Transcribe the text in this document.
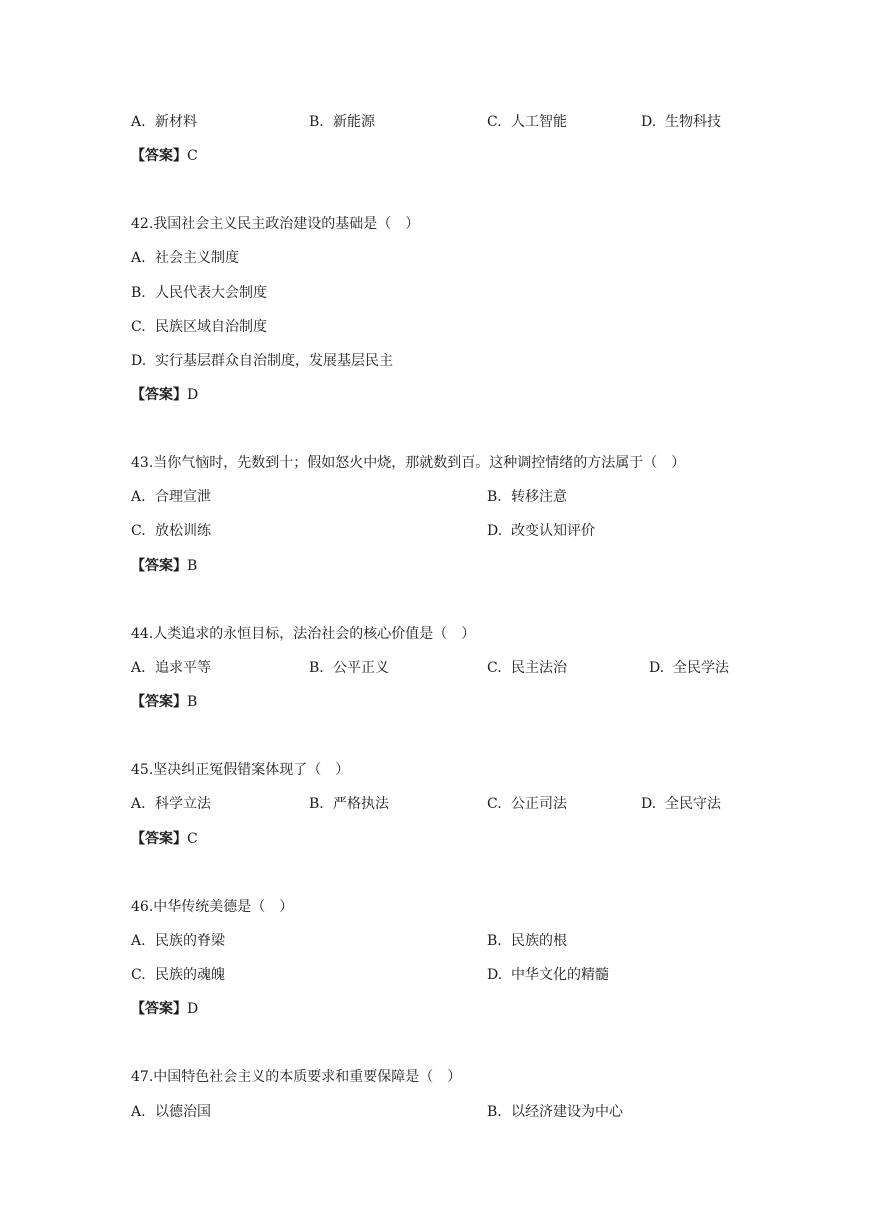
A. 新材料	B. 新能源	C. 人工智能	D. 生物科技
【答案】C
42.我国社会主义民主政治建设的基础是（　）
A. 社会主义制度
B. 人民代表大会制度
C. 民族区域自治制度
D. 实行基层群众自治制度，发展基层民主
【答案】D
43.当你气恼时，先数到十；假如怒火中烧，那就数到百。这种调控情绪的方法属于（　）
A. 合理宣泄	B. 转移注意
C. 放松训练	D. 改变认知评价
【答案】B
44.人类追求的永恒目标，法治社会的核心价值是（　）
A. 追求平等	B. 公平正义	C. 民主法治	D. 全民学法
【答案】B
45.坚决纠正冤假错案体现了（　）
A. 科学立法	B. 严格执法	C. 公正司法	D. 全民守法
【答案】C
46.中华传统美德是（　）
A. 民族的脊梁	B. 民族的根
C. 民族的魂魄	D. 中华文化的精髓
【答案】D
47.中国特色社会主义的本质要求和重要保障是（　）
A. 以德治国	B. 以经济建设为中心
